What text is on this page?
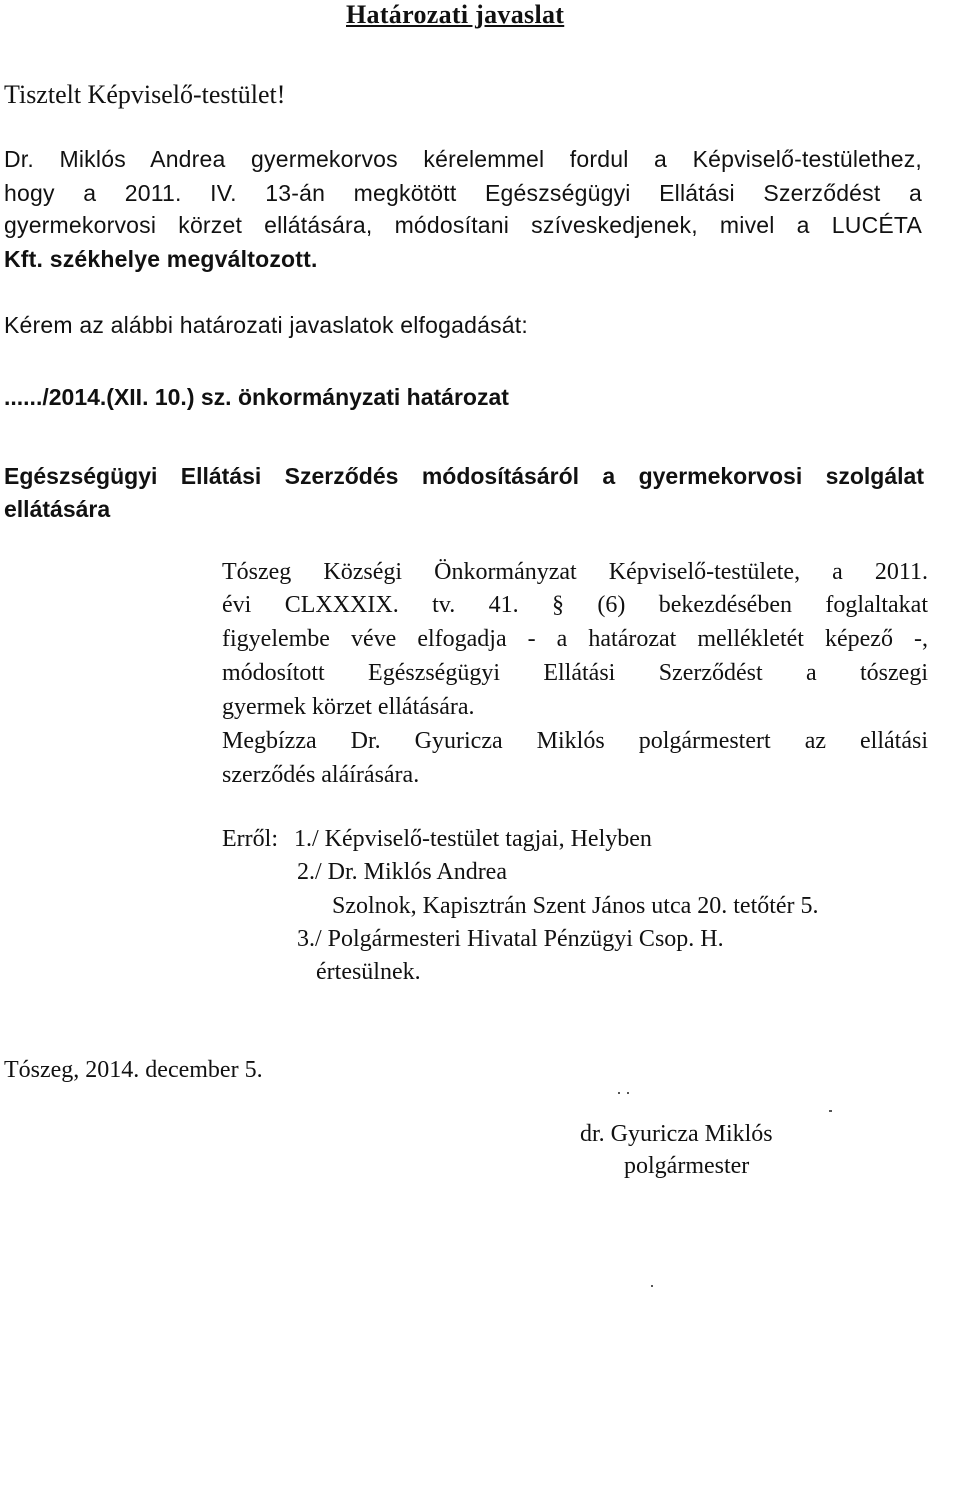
Határozati javaslat
Tisztelt Képviselő-testület!
Dr. Miklós Andrea gyermekorvos kérelemmel fordul a Képviselő-testülethez,
hogy a 2011. IV. 13-án megkötött Egészségügyi Ellátási Szerződést a
gyermekorvosi körzet ellátására, módosítani szíveskedjenek, mivel a LUCÉTA
Kft. székhelye megváltozott.
Kérem az alábbi határozati javaslatok elfogadását:
....../2014.(XII. 10.) sz. önkormányzati határozat
Egészségügyi Ellátási Szerződés módosításáról a gyermekorvosi szolgálat ellátására
Tószeg Községi Önkormányzat Képviselő-testülete, a 2011.
évi CLXXXIX. tv. 41. § (6) bekezdésében foglaltakat
figyelembe véve elfogadja - a határozat mellékletét képező -,
módosított Egészségügyi Ellátási Szerződést a tószegi
gyermek körzet ellátására.
Megbízza Dr. Gyuricza Miklós polgármestert az ellátási
szerződés aláírására.
Erről: 1./ Képviselő-testület tagjai, Helyben
2./ Dr. Miklós Andrea
Szolnok, Kapisztrán Szent János utca 20. tetőtér 5.
3./ Polgármesteri Hivatal Pénzügyi Csop. H.
értesülnek.
Tószeg, 2014. december 5.
dr. Gyuricza Miklós
polgármester
